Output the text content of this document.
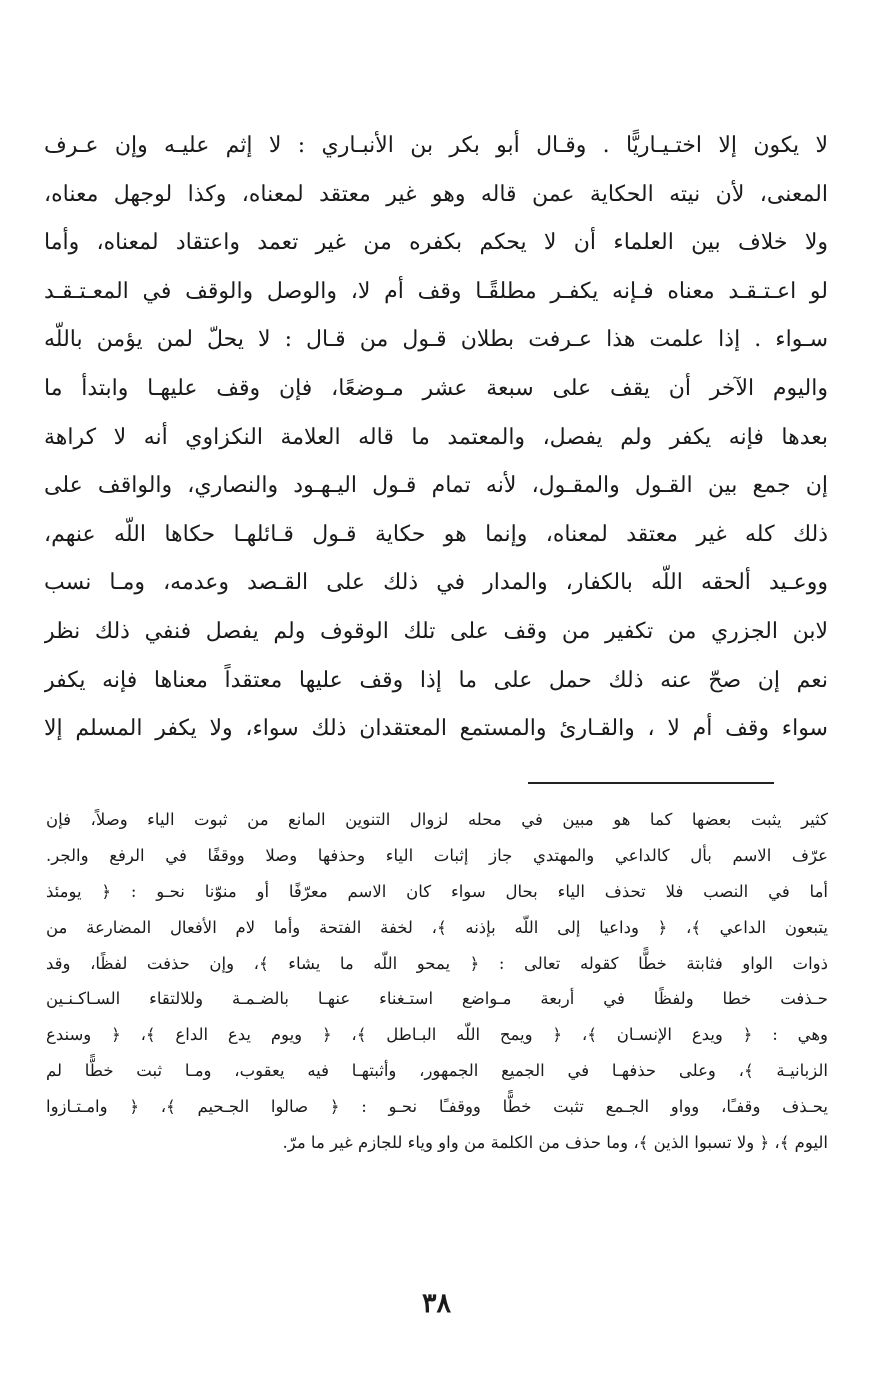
لا يكون إلا اختـيـاريًّا . وقـال أبو بكر بن الأنبـاري : لا إثم عليـه وإن عـرف
المعنى، لأن نيته الحكاية عمن قاله وهو غير معتقد لمعناه، وكذا لوجهل معناه،
ولا خلاف بين العلماء أن لا يحكم بكفره من غير تعمد واعتقاد لمعناه، وأما
لو اعـتـقـد معناه فـإنه يكفـر مطلقًـا وقف أم لا، والوصل والوقف في المعـتـقـد
سـواء . إذا علمت هذا عـرفت بطلان قـول من قـال : لا يحلّ لمن يؤمن باللّه
واليوم الآخر أن يقف على سبعة عشر مـوضعًا، فإن وقف عليهـا وابتدأ ما
بعدها فإنه يكفر ولم يفصل، والمعتمد ما قاله العلامة النكزاوي أنه لا كراهة
إن جمع بين القـول والمقـول، لأنه تمام قـول اليـهـود والنصاري، والواقف على
ذلك كله غير معتقد لمعناه، وإنما هو حكاية قـول قـائلهـا حكاها اللّه عنهم،
ووعـيد ألحقه اللّه بالكفار، والمدار في ذلك على القـصد وعدمه، ومـا نسب
لابن الجزري من تكفير من وقف على تلك الوقوف ولم يفصل فنفي ذلك نظر
نعم إن صحّ عنه ذلك حمل على ما إذا وقف عليها معتقداً معناها فإنه يكفر
سواء وقف أم لا ، والقـارئ والمستمع المعتقدان ذلك سواء، ولا يكفر المسلم إلا
كثير يثبت بعضها كما هو مبين في محله لزوال التنوين المانع من ثبوت الياء وصلاً، فإن
عرّف الاسم بأل كالداعي والمهتدي جاز إثبات الياء وحذفها وصلا ووقفًا في الرفع والجر.
أما في النصب فلا تحذف الياء بحال سواء كان الاسم معرّفًا أو منوّنا نحـو : ﴿ يومئذ
يتبعون الداعي ﴾، ﴿ وداعيا إلى اللّه بإذنه ﴾، لخفة الفتحة وأما لام الأفعال المضارعة من
ذوات الواو فثابتة خطًّا كقوله تعالى : ﴿ يمحو اللّه ما يشاء ﴾، وإن حذفت لفظًا، وقد
حـذفت خطا ولفظًا في أربعة مـواضع استـغناء عنهـا بالضـمـة وللالتقاء السـاكـنـين
وهي : ﴿ ويدع الإنسـان ﴾، ﴿ ويمح اللّه البـاطل ﴾، ﴿ ويوم يدع الداع ﴾، ﴿ وسندع
الزبانيـة ﴾، وعلى حذفهـا في الجميع الجمهور، وأثبتهـا فيه يعقوب، ومـا ثبت خطًّا لم
يحـذف وقفـًا، وواو الجـمع تثبت خطًّا ووقفـًا نحـو : ﴿ صالوا الجـحيم ﴾، ﴿ وامـتـازوا
اليوم ﴾، ﴿ ولا تسبوا الذين ﴾، وما حذف من الكلمة من واو وياء للجازم غير ما مرّ.
٣٨
